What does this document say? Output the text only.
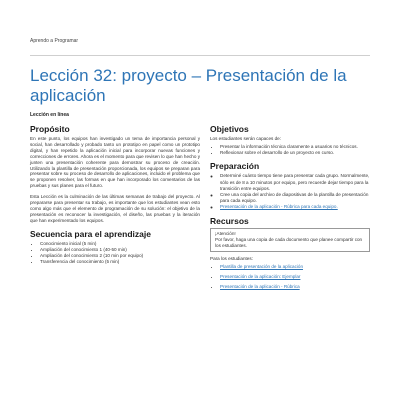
Aprendo a Programar
Lección 32: proyecto – Presentación de la aplicación
Lección en línea
Propósito

En este punto, los equipos han investigado un tema de importancia personal y social, han desarrollado y probado tanto un prototipo en papel como un prototipo digital, y han repetido la aplicación inicial para incorporar nuevas funciones y correcciones de errores. Ahora es el momento para que revisen lo que han hecho y junten una presentación coherente para demostrar su proceso de creación. Utilizando la plantilla de presentación proporcionada, los equipos se preparan para presentar sobre su proceso de desarrollo de aplicaciones, incluido el problema que se proponen resolver, las formas en que han incorporado los comentarios de las pruebas y sus planes para el futuro.

Esta Lección es la culminación de las últimas semanas de trabajo del proyecto. Al prepararse para presentar su trabajo, es importante que los estudiantes vean esto como algo más que el elemento de programación de su solución: el objetivo de la presentación es reconocer la investigación, el diseño, las pruebas y la iteración que han experimentado los equipos.

Secuencia para el aprendizaje
• Conocimiento inicial (5 min)
• Ampliación del conocimiento 1 (40-50 min)
• Ampliación del conocimiento 2 (10 min por equipo)
• Transferencia del conocimiento (5 min)
Objetivos
Los estudiantes serán capaces de:
• Presentar la información técnica claramente a usuarios no técnicos.
• Reflexionar sobre el desarrollo de un proyecto en curso.
Preparación
◦ Determiné cuánto tiempo tiene para presentar cada grupo. Normalmente, sólo es de 8 a 10 minutos por equipo, pero recuerde dejar tiempo para la transición entre equipos.
◦ Cree una copia del archivo de diapositivas de la plantilla de presentación para cada equipo.
◦ Presentación de la aplicación - Rúbrica para cada equipo.
Recursos
¡Atención!
Por favor, haga una copia de cada documento que planee compartir con los estudiantes.
Para los estudiantes:
• Plantilla de presentación de la aplicación
• Presentación de la aplicación: Ejemplar
• Presentación de la aplicación - Rúbrica
